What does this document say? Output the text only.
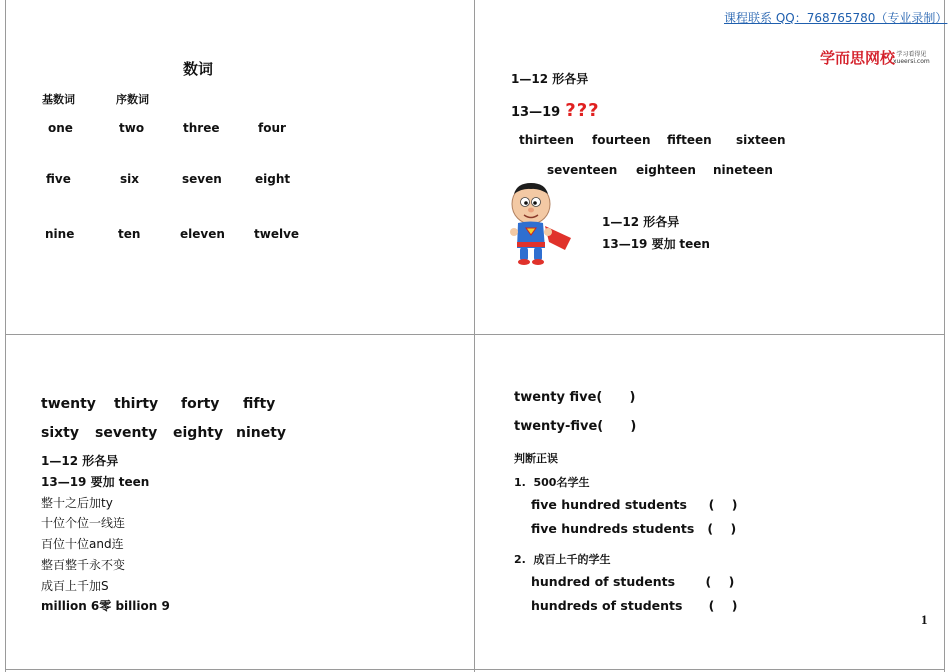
课程联系 QQ：768765780（专业录制）
学而思网校 学习看得见
xueersi.com
数词
基数词	序数词
one	two	three	four
five	six	seven	eight
nine	ten	eleven twelve
1—12 形各异
13—19 ???
thirteen fourteen fifteen sixteen
seventeen eighteen nineteen
1—12 形各异
13—19 要加 teen
twenty thirty forty fifty
sixty seventy eighty ninety
1—12 形各异
13—19 要加 teen
整十之后加ty
十位个位一线连
百位十位and连
整百整千永不变
成百上千加S
million 6零 billion 9
twenty five(      )
twenty-five(      )
判断正误
1.  500名学生
five hundred students     (    )
five hundreds students   (    )
2.  成百上千的学生
hundred of students       (    )
hundreds of students      (    )
1
